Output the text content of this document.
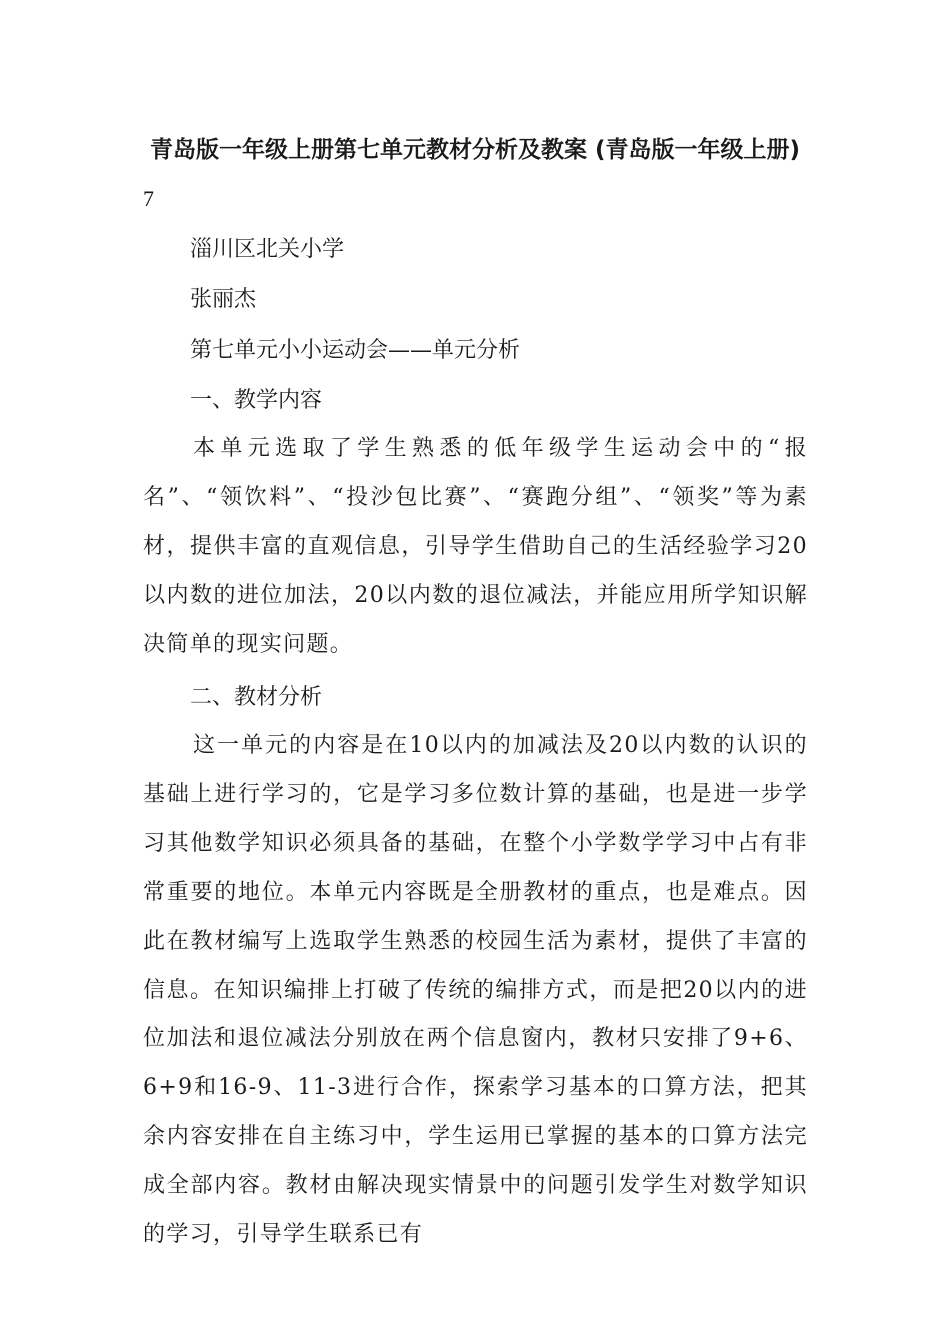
青岛版一年级上册第七单元教材分析及教案 (青岛版一年级上册)
7
淄川区北关小学
张丽杰
第七单元小小运动会——单元分析
一、教学内容

本单元选取了学生熟悉的低年级学生运动会中的“报名”、“领饮料”、“投沙包比赛”、“赛跑分组”、“领奖”等为素材，提供丰富的直观信息，引导学生借助自己的生活经验学习20以内数的进位加法，20以内数的退位减法，并能应用所学知识解决简单的现实问题。

二、教材分析

这一单元的内容是在10以内的加减法及20以内数的认识的基础上进行学习的，它是学习多位数计算的基础，也是进一步学习其他数学知识必须具备的基础，在整个小学数学学习中占有非常重要的地位。本单元内容既是全册教材的重点，也是难点。因此在教材编写上选取学生熟悉的校园生活为素材，提供了丰富的信息。在知识编排上打破了传统的编排方式，而是把20以内的进位加法和退位减法分别放在两个信息窗内，教材只安排了9+6、6+9和16-9、11-3进行合作，探索学习基本的口算方法，把其余内容安排在自主练习中，学生运用已掌握的基本的口算方法完成全部内容。教材由解决现实情景中的问题引发学生对数学知识的学习，引导学生联系已有
